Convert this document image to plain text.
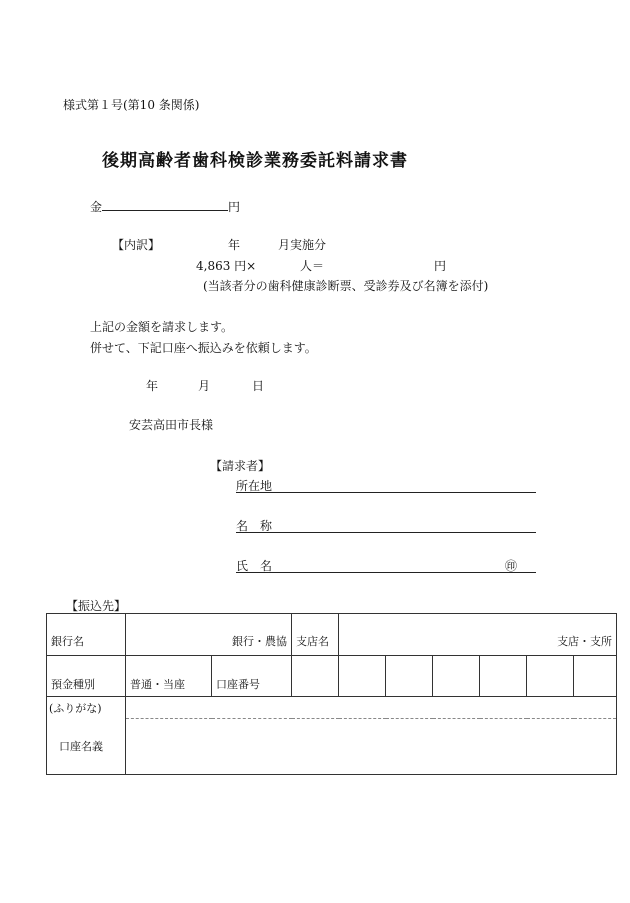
様式第１号(第10 条関係)
後期高齢者歯科検診業務委託料請求書
金	円
【内訳】	年	月実施分
4,863 円×	人＝	円
(当該者分の歯科健康診断票、受診券及び名簿を添付)
上記の金額を請求します。
併せて、下記口座へ振込みを依頼します。
年	月	日
安芸高田市長様
【請求者】
所在地
名　称
氏　名	㊞
【振込先】
銀行名	銀行・農協		支店名	支店・支所					
預金種別	普通・当座	口座番号							
(ふりがな)									
口座名義									
